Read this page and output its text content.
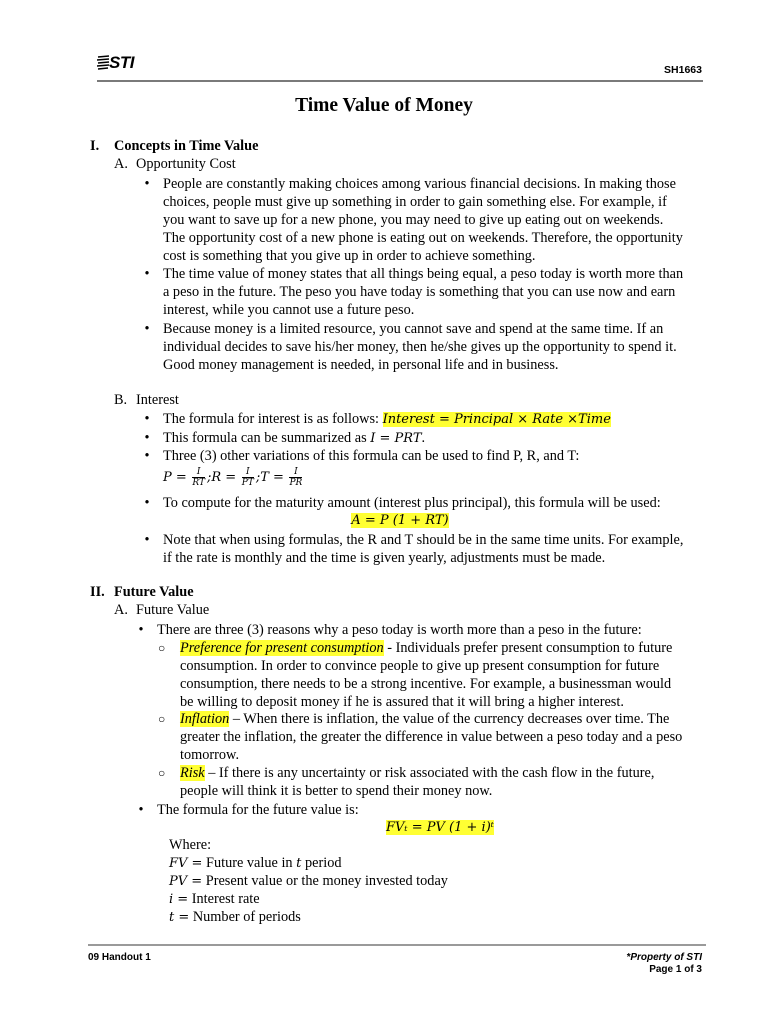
STI	SH1663
Time Value of Money
I. Concepts in Time Value
A. Opportunity Cost
• People are constantly making choices among various financial decisions. In making those

choices, people must give up something in order to gain something else. For example, if

you want to save up for a new phone, you may need to give up eating out on weekends.

The opportunity cost of a new phone is eating out on weekends. Therefore, the opportunity

cost is something that you give up in order to achieve something.

• The time value of money states that all things being equal, a peso today is worth more than

a peso in the future. The peso you have today is something that you can use now and earn

interest, while you cannot use a future peso.

• Because money is a limited resource, you cannot save and spend at the same time. If an

individual decides to save his/her money, then he/she gives up the opportunity to spend it.

Good money management is needed, in personal life and in business.

B. Interest
• The formula for interest is as follows: Interest = Principal × Rate ×Time
• This formula can be summarized as I = PRT.
• Three (3) other variations of this formula can be used to find P, R, and T:
$P = \frac{I}{RT}$ ;R = $\frac{I}{PT}$ ;T = $\frac{I}{PR}$
• To compute for the maturity amount (interest plus principal), this formula will be used:
A = P (1 + RT)
• Note that when using formulas, the R and T should be in the same time units. For example,

if the rate is monthly and the time is given yearly, adjustments must be made.

II. Future Value
A. Future Value
• There are three (3) reasons why a peso today is worth more than a peso in the future:
○ Preference for present consumption - Individuals prefer present consumption to future

consumption. In order to convince people to give up present consumption for future

consumption, there needs to be a strong incentive. For example, a businessman would

be willing to deposit money if he is assured that it will bring a higher interest.

○ Inflation – When there is inflation, the value of the currency decreases over time. The

greater the inflation, the greater the difference in value between a peso today and a peso

tomorrow.

○ Risk – If there is any uncertainty or risk associated with the cash flow in the future,

people will think it is better to spend their money now.

• The formula for the future value is:
FVₜ = PV (1 + i)ᵗ
Where:
FV = Future value in t period
PV = Present value or the money invested today
i = Interest rate
t = Number of periods
09 Handout 1	*Property of STI
Page 1 of 3
